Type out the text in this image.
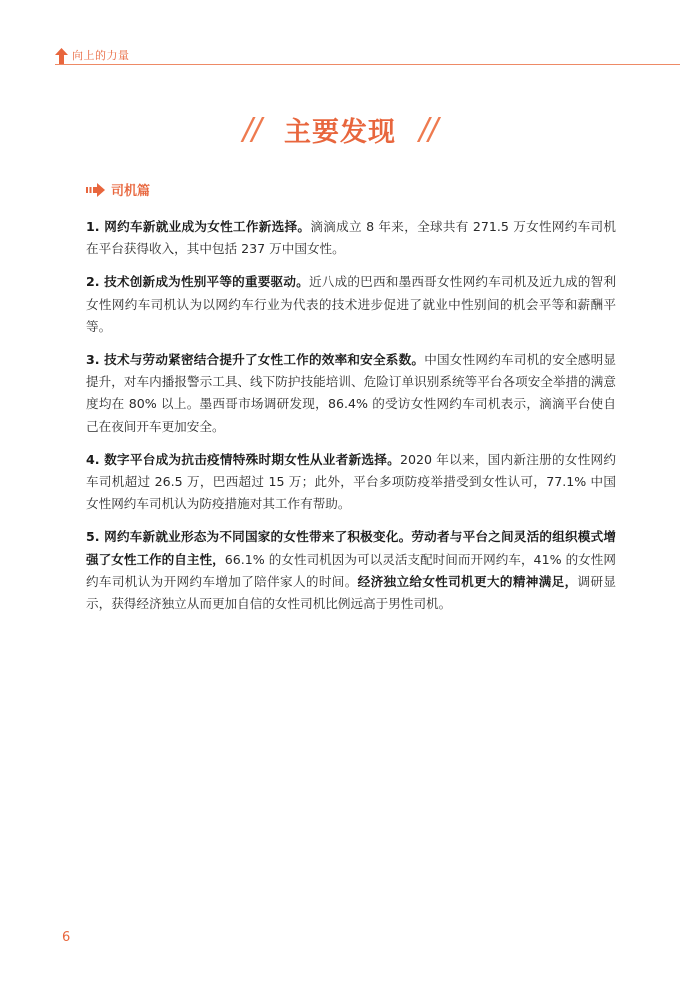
向上的力量
// 主要发现 //
司机篇

1. 网约车新就业成为女性工作新选择。滴滴成立 8 年来，全球共有 271.5 万女性网约车司机在平台获得收入，其中包括 237 万中国女性。

2. 技术创新成为性别平等的重要驱动。近八成的巴西和墨西哥女性网约车司机及近九成的智利女性网约车司机认为以网约车行业为代表的技术进步促进了就业中性别间的机会平等和薪酬平等。

3. 技术与劳动紧密结合提升了女性工作的效率和安全系数。中国女性网约车司机的安全感明显提升，对车内播报警示工具、线下防护技能培训、危险订单识别系统等平台各项安全举措的满意度均在 80% 以上。墨西哥市场调研发现，86.4% 的受访女性网约车司机表示，滴滴平台使自己在夜间开车更加安全。

4. 数字平台成为抗击疫情特殊时期女性从业者新选择。2020 年以来，国内新注册的女性网约车司机超过 26.5 万，巴西超过 15 万；此外，平台多项防疫举措受到女性认可，77.1% 中国女性网约车司机认为防疫措施对其工作有帮助。

5. 网约车新就业形态为不同国家的女性带来了积极变化。劳动者与平台之间灵活的组织模式增强了女性工作的自主性，66.1% 的女性司机因为可以灵活支配时间而开网约车，41% 的女性网约车司机认为开网约车增加了陪伴家人的时间。经济独立给女性司机更大的精神满足，调研显示，获得经济独立从而更加自信的女性司机比例远高于男性司机。

6
